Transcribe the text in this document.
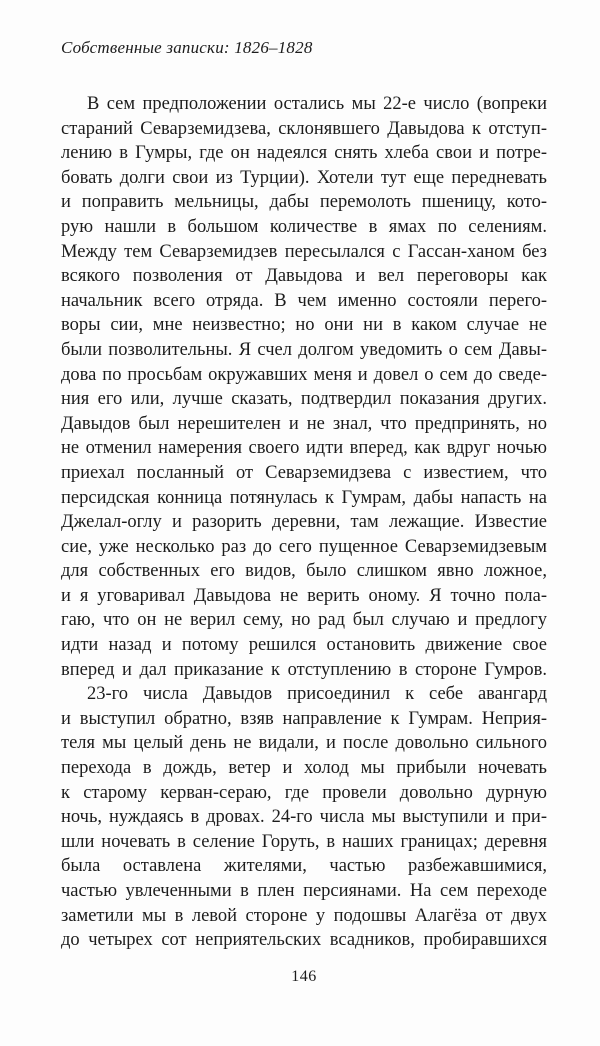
Собственные записки: 1826–1828
В сем предположении остались мы 22-е число (вопреки
стараний Севарземидзева, склонявшего Давыдова к отступ-
лению в Гумры, где он надеялся снять хлеба свои и потре-
бовать долги свои из Турции). Хотели тут еще передневать
и поправить мельницы, дабы перемолоть пшеницу, кото-
рую нашли в большом количестве в ямах по селениям.
Между тем Севарземидзев пересылался с Гассан-ханом без
всякого позволения от Давыдова и вел переговоры как
начальник всего отряда. В чем именно состояли перего-
воры сии, мне неизвестно; но они ни в каком случае не
были позволительны. Я счел долгом уведомить о сем Давы-
дова по просьбам окружавших меня и довел о сем до сведе-
ния его или, лучше сказать, подтвердил показания других.
Давыдов был нерешителен и не знал, что предпринять, но
не отменил намерения своего идти вперед, как вдруг ночью
приехал посланный от Севарземидзева с известием, что
персидская конница потянулась к Гумрам, дабы напасть на
Джелал-оглу и разорить деревни, там лежащие. Известие
сие, уже несколько раз до сего пущенное Севарземидзевым
для собственных его видов, было слишком явно ложное,
и я уговаривал Давыдова не верить оному. Я точно пола-
гаю, что он не верил сему, но рад был случаю и предлогу
идти назад и потому решился остановить движение свое
вперед и дал приказание к отступлению в стороне Гумров.
23-го числа Давыдов присоединил к себе авангард
и выступил обратно, взяв направление к Гумрам. Неприя-
теля мы целый день не видали, и после довольно сильного
перехода в дождь, ветер и холод мы прибыли ночевать
к старому керван-сераю, где провели довольно дурную
ночь, нуждаясь в дровах. 24-го числа мы выступили и при-
шли ночевать в селение Горуть, в наших границах; деревня
была оставлена жителями, частью разбежавшимися,
частью увлеченными в плен персиянами. На сем переходе
заметили мы в левой стороне у подошвы Алагёза от двух
до четырех сот неприятельских всадников, пробиравшихся
146
